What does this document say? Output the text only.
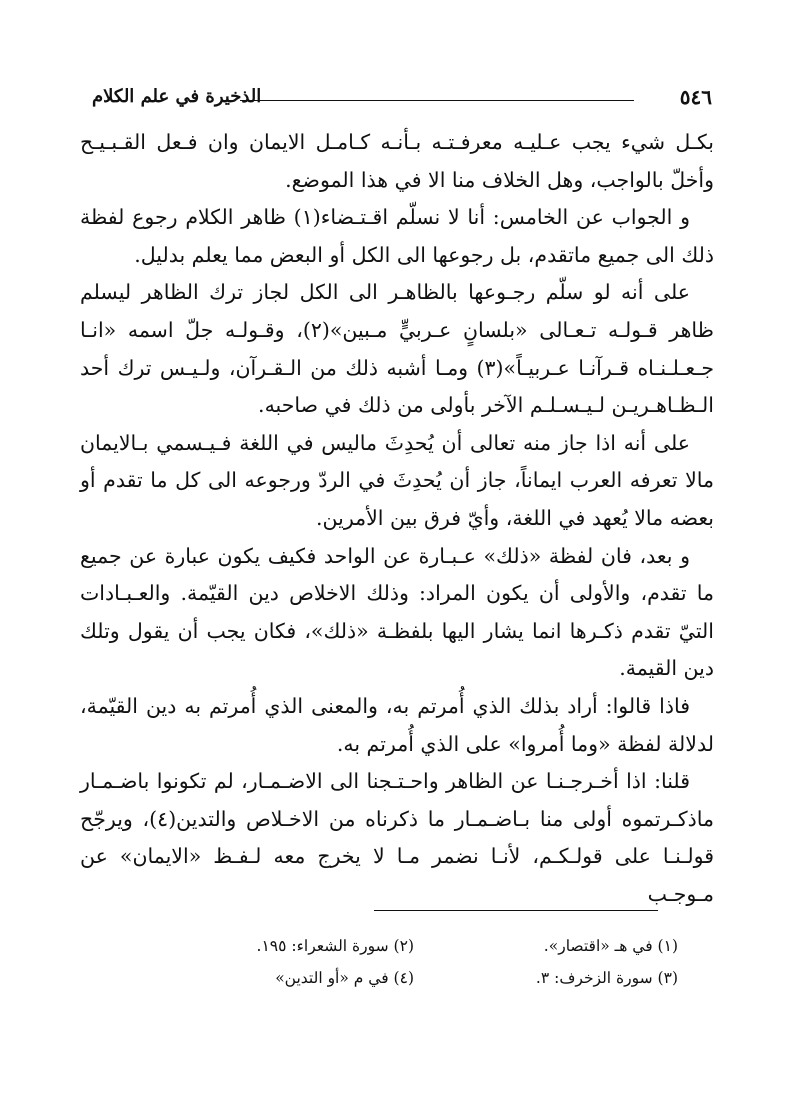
٥٤٦
الذخيرة في علم الكلام

بكـل شيء يجب عـليـه معرفـتـه بـأنـه كـامـل الايمان وان فـعل القـبـيـح وأخلّ بالواجب، وهل الخلاف منا الا في هذا الموضع.

و الجواب عن الخامس: أنا لا نسلّم اقـتـضاء(١) ظاهر الكلام رجوع لفظة ذلك الى جميع ماتقدم، بل رجوعها الى الكل أو البعض مما يعلم بدليل.

على أنه لو سلّم رجـوعها بالظاهـر الى الكل لجاز ترك الظاهر ليسلم ظاهر قـولـه تـعـالى «بلسانٍ عـربيٍّ مـبين»(٢)، وقـولـه جلّ اسمه «انـا جـعـلـنـاه قـرآنـا عـربيـاً»(٣) ومـا أشبه ذلك من الـقـرآن، ولـيـس ترك أحد الـظـاهـريـن لـيـسـلـم الآخر بأولى من ذلك في صاحبه.

على أنه اذا جاز منه تعالى أن يُحدِثَ ماليس في اللغة فـيـسمي بـالايمان مالا تعرفه العرب ايماناً، جاز أن يُحدِثَ في الردّ ورجوعه الى كل ما تقدم أو بعضه مالا يُعهد في اللغة، وأيّ فرق بين الأمرين.

و بعد، فان لفظة «ذلك» عـبـارة عن الواحد فكيف يكون عبارة عن جميع ما تقدم، والأولى أن يكون المراد: وذلك الاخلاص دين القيّمة. والعـبـادات التيّ تقدم ذكـرها انما يشار اليها بلفظـة «ذلك»، فكان يجب أن يقول وتلك دين القيمة.

فاذا قالوا: أراد بذلك الذي أُمرتم به، والمعنى الذي أُمرتم به دين القيّمة، لدلالة لفظة «وما أُمروا» على الذي أُمرتم به.

قلنا: اذا أخـرجـنـا عن الظاهر واحـتـجنا الى الاضـمـار، لم تكونوا باضـمـار ماذكـرتموه أولى منا بـاضـمـار ما ذكرناه من الاخـلاص والتدين(٤)، ويرجّح قولـنـا على قولـكـم، لأنـا نضمر مـا لا يخرج معه لـفـظ «الايمان» عن مـوجـب

(١) في هـ «اقتصار».
(٢) سورة الشعراء: ١٩٥.
(٣) سورة الزخرف: ٣.
(٤) في م «أو التدين»
